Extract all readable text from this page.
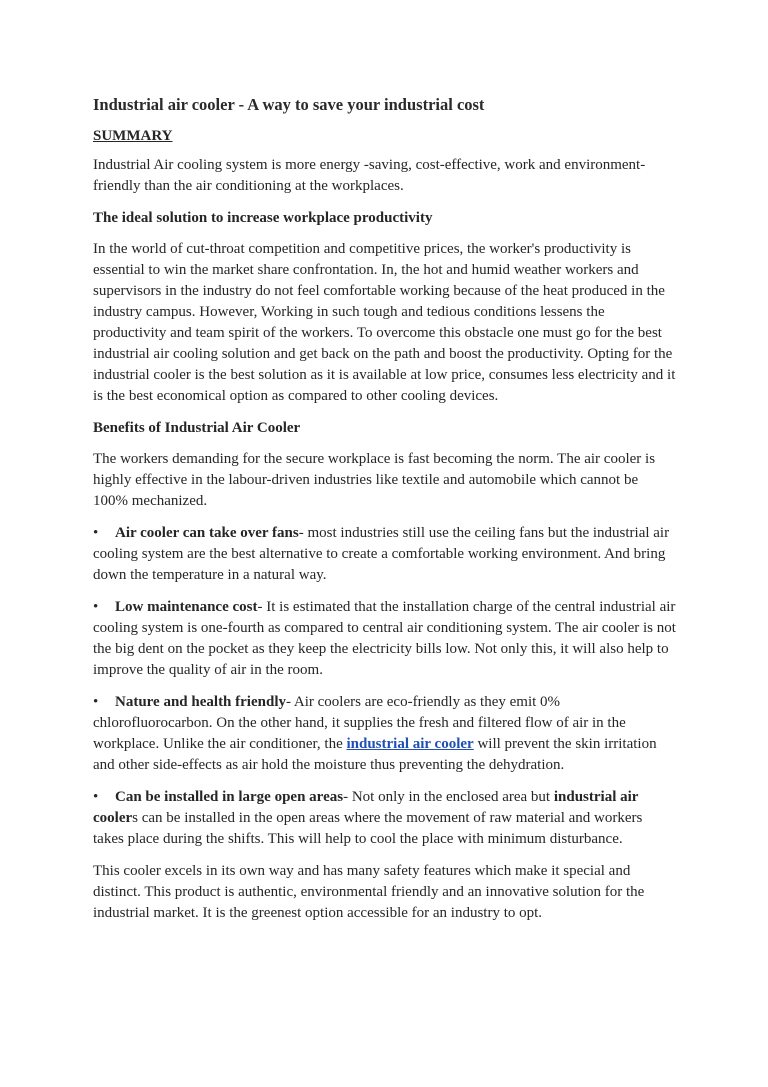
Industrial air cooler - A way to save your industrial cost
SUMMARY

Industrial Air cooling system is more energy -saving, cost-effective, work and environment-friendly than the air conditioning at the workplaces.

The ideal solution to increase workplace productivity

In the world of cut-throat competition and competitive prices, the worker's productivity is essential to win the market share confrontation. In, the hot and humid weather workers and supervisors in the industry do not feel comfortable working because of the heat produced in the industry campus. However, Working in such tough and tedious conditions lessens the productivity and team spirit of the workers. To overcome this obstacle one must go for the best industrial air cooling solution and get back on the path and boost the productivity. Opting for the industrial cooler is the best solution as it is available at low price, consumes less electricity and it is the best economical option as compared to other cooling devices.

Benefits of Industrial Air Cooler

The workers demanding for the secure workplace is fast becoming the norm. The air cooler is highly effective in the labour-driven industries like textile and automobile which cannot be 100% mechanized.

• Air cooler can take over fans- most industries still use the ceiling fans but the industrial air cooling system are the best alternative to create a comfortable working environment. And bring down the temperature in a natural way.

• Low maintenance cost- It is estimated that the installation charge of the central industrial air cooling system is one-fourth as compared to central air conditioning system. The air cooler is not the big dent on the pocket as they keep the electricity bills low. Not only this, it will also help to improve the quality of air in the room.

• Nature and health friendly- Air coolers are eco-friendly as they emit 0% chlorofluorocarbon. On the other hand, it supplies the fresh and filtered flow of air in the workplace. Unlike the air conditioner, the industrial air cooler will prevent the skin irritation and other side-effects as air hold the moisture thus preventing the dehydration.

• Can be installed in large open areas- Not only in the enclosed area but industrial air coolers can be installed in the open areas where the movement of raw material and workers takes place during the shifts. This will help to cool the place with minimum disturbance.

This cooler excels in its own way and has many safety features which make it special and distinct. This product is authentic, environmental friendly and an innovative solution for the industrial market. It is the greenest option accessible for an industry to opt.
